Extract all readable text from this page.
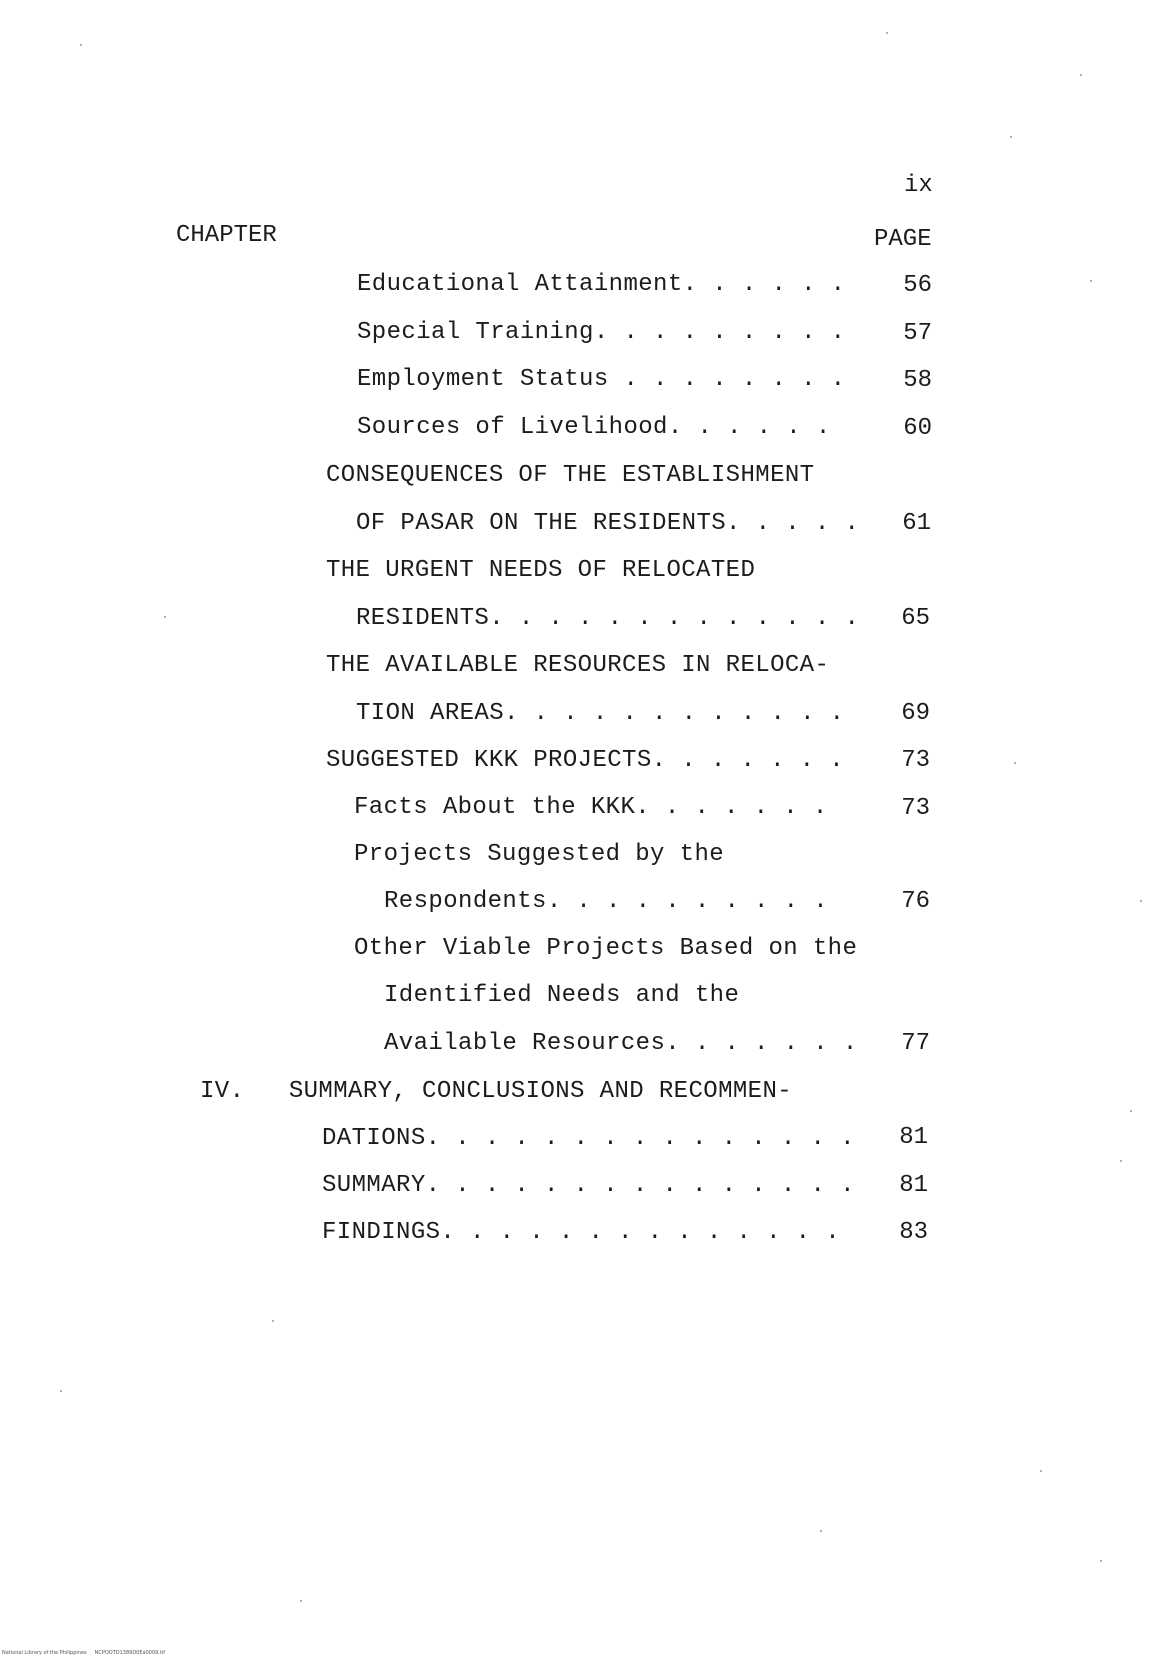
ix
CHAPTER	PAGE
Educational Attainment. . . . . .	56
Special Training. . . . . . . . .	57
Employment Status . . . . . . . .	58
Sources of Livelihood. . . . . .	60
CONSEQUENCES OF THE ESTABLISHMENT
OF PASAR ON THE RESIDENTS. . . . .	61
THE URGENT NEEDS OF RELOCATED
RESIDENTS. . . . . . . . . . . . .	65
THE AVAILABLE RESOURCES IN RELOCA-
TION AREAS. . . . . . . . . . . .	69
SUGGESTED KKK PROJECTS. . . . . . .	73
Facts About the KKK. . . . . . .	73
Projects Suggested by the
Respondents. . . . . . . . . .	76
Other Viable Projects Based on the
Identified Needs and the
Available Resources. . . . . . .	77
IV.   SUMMARY, CONCLUSIONS AND RECOMMEN-
DATIONS. . . . . . . . . . . . . . .	81
SUMMARY. . . . . . . . . . . . . . .	81
FINDINGS. . . . . . . . . . . . . .	83
National Library of the Philippines     NCPOOTD1389D0Ea0009.tif
